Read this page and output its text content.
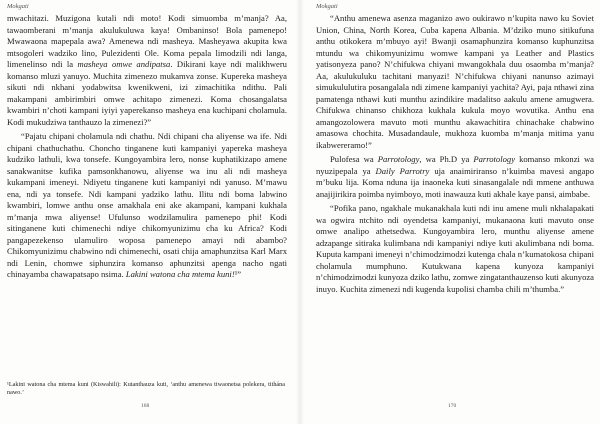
Mokgati

mwachitazi. Muzigona kutali ndi moto! Kodi simuomba m’manja? Aa, tawaomberani m’manja akulukuluwa kaya! Ombaninso! Bola pamenepo! Mwawaona mapepala awa? Amenewa ndi masheya. Masheyawa akupita kwa mtsogoleri wadziko lino, Pulezidenti Ole. Koma pepala limodzili ndi langa, limenelinso ndi la masheya omwe andipatsa. Dikirani kaye ndi malikhweru komanso mluzi yanuyo. Muchita zimenezo mukamva zonse. Kupereka masheya sikuti ndi nkhani yodabwitsa kwenikweni, izi zimachitika ndithu. Pali makampani ambirimbiri omwe achitapo zimenezi. Koma chosangalatsa kwambiri n’choti kampani iyiyi yaperekanso masheya ena kuchipani cholamula. Kodi mukudziwa tanthauzo la zimenezi?”

“Pajatu chipani cholamula ndi chathu. Ndi chipani cha aliyense wa ife. Ndi chipani chathuchathu. Choncho tinganene kuti kampaniyi yapereka masheya kudziko lathuli, kwa tonsefe. Kungoyambira lero, nonse kuphatikizapo amene sanakwanitse kufika pamsonkhanowu, aliyense wa inu ali ndi masheya kukampani imeneyi. Ndiyetu tinganene kuti kampaniyi ndi yanuso. M’mawu ena, ndi ya tonsefe. Ndi kampani yadziko lathu. Ilitu ndi boma labwino kwambiri, lomwe anthu onse amakhala eni ake akampani, kampani kukhala m’manja mwa aliyense! Ufulunso wodzilamulira pamenepo phi! Kodi sitinganene kuti chimenechi ndiye chikomyunizimu cha ku Africa? Kodi pangapezekenso ulamuliro woposa pamenepo amayi ndi abambo? Chikomyunizimu chabwino ndi chimenechi, osati chija amaphunzitsa Karl Marx ndi Lenin, chomwe siphunzira komanso aphunzitsi apenga nacho ngati chinayamba chawapatsapo nsima. Lakini watona cha mtema kuni!¹”

¹Lakini watona cha mtema kuni (Kiswahili): Kutanthauza kuti, ‘anthu amenewa tiwaonetsa polekera, tithána nawo.’
168
Mokgati

“Anthu amenewa asenza maganizo awo oukirawo n’kupita nawo ku Soviet Union, China, North Korea, Cuba kapena Albania. M’dziko muno sitikufuna anthu otikokera m’mbuyo ayi! Bwanji osamaphunzira komanso kuphunzitsa mtundu wa chikomyunizimu womwe kampani ya Leather and Plastics yatisonyeza pano? N’chifukwa chiyani mwangokhala duu osaomba m’manja? Aa, akulukuluku tachitani manyazi! N’chifukwa chiyani nanunso azimayi simukululutira posangalala ndi zimene kampaniyi yachita? Ayi, paja nthawi zina pamatenga nthawi kuti munthu azindikire madalitso aakulu amene amugwera. Chifukwa chinanso chikhoza kukhala kukula moyo wovutika. Anthu ena amangozolowera mavuto moti munthu akawachitira chinachake chabwino amasowa chochita. Musadandaule, mukhoza kuomba m’manja mitima yanu ikabwereramo!”

Pulofesa wa Parrotology, wa Ph.D ya Parrotology komanso mkonzi wa nyuzipepala ya Daily Parrotry uja anaimiriranso n’kuimba mavesi angapo m’buku lija. Koma nduna ija inaoneka kuti sinasangalale ndi mmene anthuwa anajijirikira poimba nyimboyo, moti inawauza kuti akhale kaye pansi, aimbabe.

“Pofika pano, ngakhale mukanakhala kuti ndi inu amene muli nkhalapakati wa ogwira ntchito ndi oyendetsa kampaniyi, mukanaona kuti mavuto onse omwe analipo athetsedwa. Kungoyambira lero, munthu aliyense amene adzapange sitiraka kulimbana ndi kampaniyi ndiye kuti akulimbana ndi boma. Kuputa kampani imeneyi n’chimodzimodzi kutenga chala n’kumatokosa chipani cholamula mumphuno. Kutukwana kapena kunyoza kampaniyi n’chimodzimodzi kunyoza dziko lathu, zomwe zingatanthauzenso kuti akunyoza inuyo. Kuchita zimenezi ndi kugenda kupolisi chamba chili m’thumba.”

170
